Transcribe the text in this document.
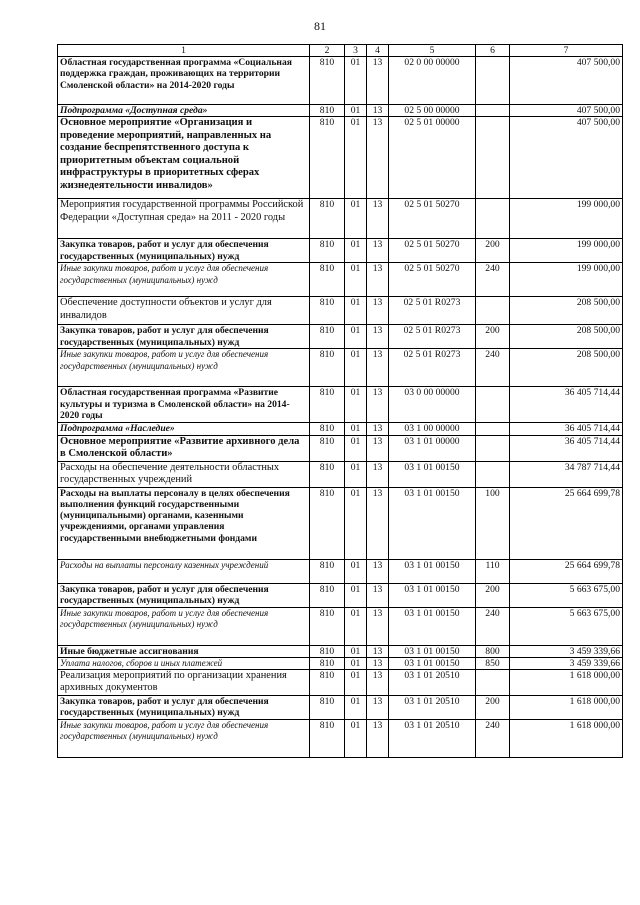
81
1	2	3	4	5	6	7
Областная государственная программа «Социальная поддержка граждан, проживающих на территории Смоленской области» на 2014-2020 годы	810	01	13	02 0 00 00000		407 500,00
Подпрограмма «Доступная среда»	810	01	13	02 5 00 00000		407 500,00
Основное мероприятие «Организация и проведение мероприятий, направленных на создание беспрепятственного доступа к приоритетным объектам социальной инфраструктуры в приоритетных сферах жизнедеятельности инвалидов»	810	01	13	02 5 01 00000		407 500,00
Мероприятия государственной программы Российской Федерации «Доступная среда» на 2011 - 2020 годы	810	01	13	02 5 01 50270		199 000,00
Закупка товаров, работ и услуг для обеспечения государственных (муниципальных) нужд	810	01	13	02 5 01 50270	200	199 000,00
Иные закупки товаров, работ и услуг для обеспечения государственных (муниципальных) нужд	810	01	13	02 5 01 50270	240	199 000,00
Обеспечение доступности объектов и услуг для инвалидов	810	01	13	02 5 01 R0273		208 500,00
Закупка товаров, работ и услуг для обеспечения государственных (муниципальных) нужд	810	01	13	02 5 01 R0273	200	208 500,00
Иные закупки товаров, работ и услуг для обеспечения государственных (муниципальных) нужд	810	01	13	02 5 01 R0273	240	208 500,00
Областная государственная программа «Развитие культуры и туризма в Смоленской области» на 2014-2020 годы	810	01	13	03 0 00 00000		36 405 714,44
Подпрограмма «Наследие»	810	01	13	03 1 00 00000		36 405 714,44
Основное мероприятие «Развитие архивного дела в Смоленской области»	810	01	13	03 1 01 00000		36 405 714,44
Расходы на обеспечение деятельности областных государственных учреждений	810	01	13	03 1 01 00150		34 787 714,44
Расходы на выплаты персоналу в целях обеспечения выполнения функций государственными (муниципальными) органами, казенными учреждениями, органами управления государственными внебюджетными фондами	810	01	13	03 1 01 00150	100	25 664 699,78
Расходы на выплаты персоналу казенных учреждений	810	01	13	03 1 01 00150	110	25 664 699,78
Закупка товаров, работ и услуг для обеспечения государственных (муниципальных) нужд	810	01	13	03 1 01 00150	200	5 663 675,00
Иные закупки товаров, работ и услуг для обеспечения государственных (муниципальных) нужд	810	01	13	03 1 01 00150	240	5 663 675,00
Иные бюджетные ассигнования	810	01	13	03 1 01 00150	800	3 459 339,66
Уплата налогов, сборов и иных платежей	810	01	13	03 1 01 00150	850	3 459 339,66
Реализация мероприятий по организации хранения архивных документов	810	01	13	03 1 01 20510		1 618 000,00
Закупка товаров, работ и услуг для обеспечения государственных (муниципальных) нужд	810	01	13	03 1 01 20510	200	1 618 000,00
Иные закупки товаров, работ и услуг для обеспечения государственных (муниципальных) нужд	810	01	13	03 1 01 20510	240	1 618 000,00
